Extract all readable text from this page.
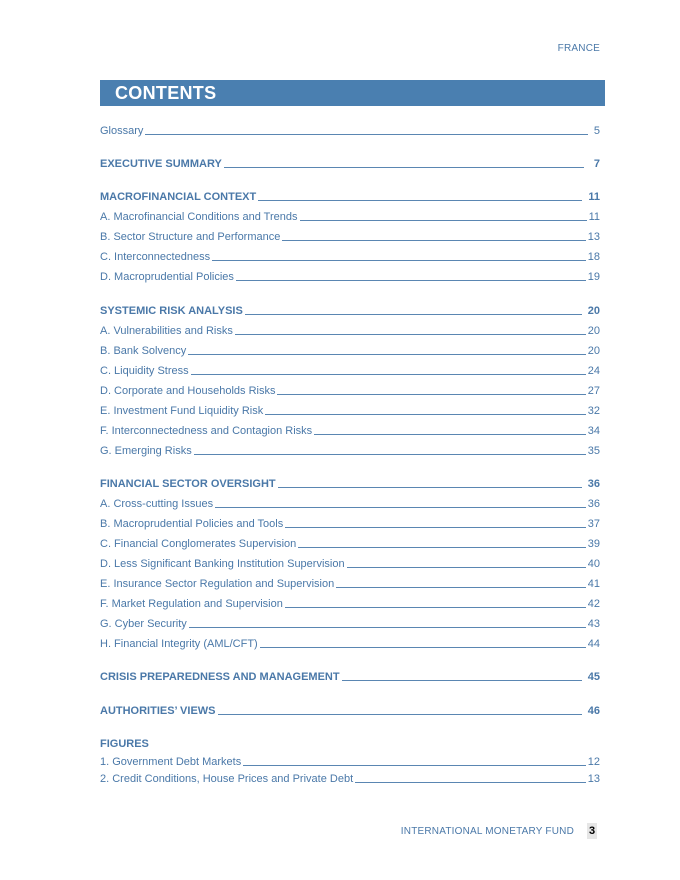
FRANCE
CONTENTS
FIGURES
Glossary	5
EXECUTIVE SUMMARY	7
MACROFINANCIAL CONTEXT	11
A. Macrofinancial Conditions and Trends	11
B. Sector Structure and Performance	13
C. Interconnectedness	18
D. Macroprudential Policies	19
SYSTEMIC RISK ANALYSIS	20
A. Vulnerabilities and Risks	20
B. Bank Solvency	20
C. Liquidity Stress	24
D. Corporate and Households Risks	27
E. Investment Fund Liquidity Risk	32
F. Interconnectedness and Contagion Risks	34
G. Emerging Risks	35
FINANCIAL SECTOR OVERSIGHT	36
A. Cross-cutting Issues	36
B. Macroprudential Policies and Tools	37
C. Financial Conglomerates Supervision	39
D. Less Significant Banking Institution Supervision	40
E. Insurance Sector Regulation and Supervision	41
F. Market Regulation and Supervision	42
G. Cyber Security	43
H. Financial Integrity (AML/CFT)	44
CRISIS PREPAREDNESS AND MANAGEMENT	45
AUTHORITIES’ VIEWS	46
1. Government Debt Markets	12
2. Credit Conditions, House Prices and Private Debt	13
INTERNATIONAL MONETARY FUND 3
